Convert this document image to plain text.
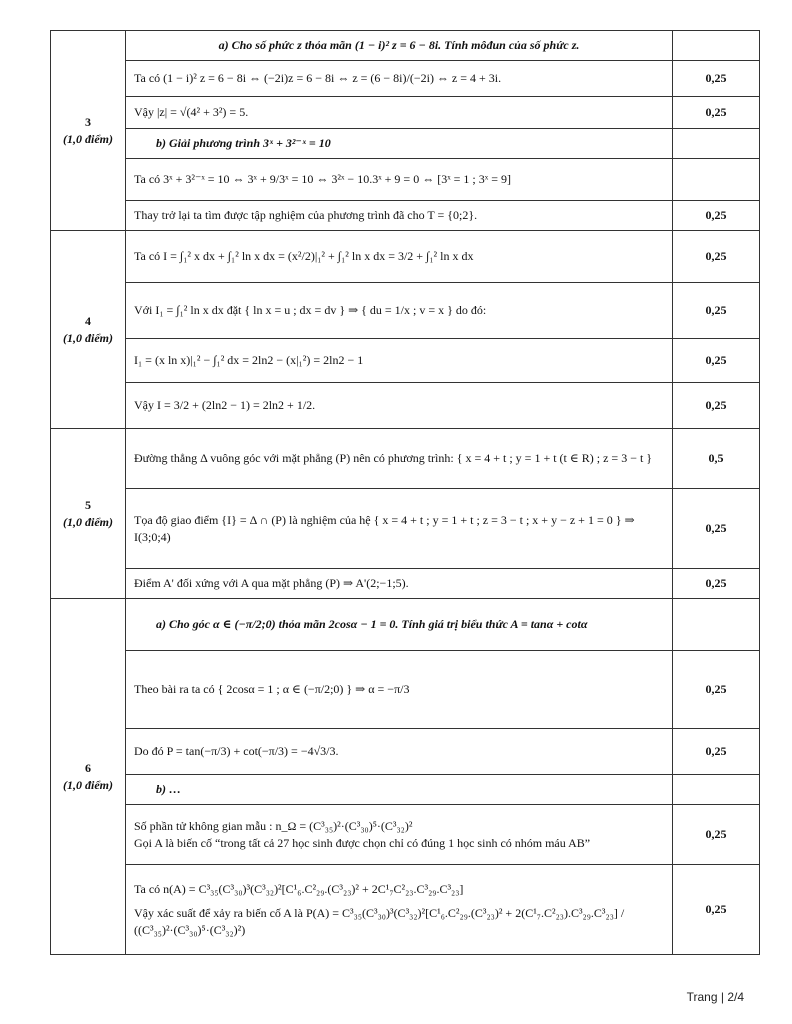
3
(1,0 điểm)	a) Cho số phức z thỏa mãn (1 − i)² z = 6 − 8i. Tính môđun của số phức z.	
	Ta có (1 − i)² z = 6 − 8i ⇔ (−2i)z = 6 − 8i ⇔ z = (6 − 8i)/(−2i) ⇔ z = 4 + 3i.	0,25
	Vậy |z| = √(4² + 3²) = 5.	0,25
	b) Giải phương trình 3ˣ + 3²⁻ˣ = 10	
	Ta có 3ˣ + 3²⁻ˣ = 10 ⇔ 3ˣ + 9/3ˣ = 10 ⇔ 3²ˣ − 10.3ˣ + 9 = 0 ⇔ [3ˣ = 1 ; 3ˣ = 9]	
	Thay trở lại ta tìm được tập nghiệm của phương trình đã cho T = {0;2}.	0,25

4
(1,0 điểm)	Ta có I = ∫₁² x dx + ∫₁² ln x dx = (x²/2)|₁² + ∫₁² ln x dx = 3/2 + ∫₁² ln x dx	0,25
	Với I₁ = ∫₁² ln x dx đặt { ln x = u ; dx = dv } ⇒ { du = 1/x ; v = x } do đó:	0,25
	I₁ = (x ln x)|₁² − ∫₁² dx = 2ln2 − (x|₁²) = 2ln2 − 1	0,25
	Vậy I = 3/2 + (2ln2 − 1) = 2ln2 + 1/2.	0,25

5
(1,0 điểm)	Đường thẳng Δ vuông góc với mặt phẳng (P) nên có phương trình: { x = 4 + t ; y = 1 + t (t ∈ R) ; z = 3 − t }	0,5
	Tọa độ giao điểm {I} = Δ ∩ (P) là nghiệm của hệ { x = 4 + t ; y = 1 + t ; z = 3 − t ; x + y − z + 1 = 0 } ⇒ I(3;0;4)	0,25
	Điểm A' đối xứng với A qua mặt phẳng (P) ⇒ A'(2;−1;5).	0,25

6
(1,0 điểm)	a) Cho góc α ∈ (−π/2;0) thỏa mãn 2cosα − 1 = 0. Tính giá trị biểu thức A = tanα + cotα	
	Theo bài ra ta có { 2cosα = 1 ; α ∈ (−π/2;0) } ⇒ α = −π/3	0,25
	Do đó P = tan(−π/3) + cot(−π/3) = −4√3/3.	0,25
	b) …	

	Số phần tử không gian mẫu : n_Ω = (C³₃₅)²·(C³₃₀)⁵·(C³₃₂)²
Gọi A là biến cố “trong tất cả 27 học sinh được chọn chỉ có đúng 1 học sinh có nhóm máu AB”	0,25

	Ta có n(A) = C³₃₅(C³₃₀)³(C³₃₂)²[C¹₆.C²₂₉.(C³₂₃)² + 2C¹₇C²₂₃.C³₂₉.C³₂₃]
Vậy xác suất để xảy ra biến cố A là P(A) = C³₃₅(C³₃₀)³(C³₃₂)²[C¹₆.C²₂₉.(C³₂₃)² + 2(C¹₇.C²₂₃).C³₂₉.C³₂₃] / ((C³₃₅)²·(C³₃₀)⁵·(C³₃₂)²)	0,25
Trang | 2/4
